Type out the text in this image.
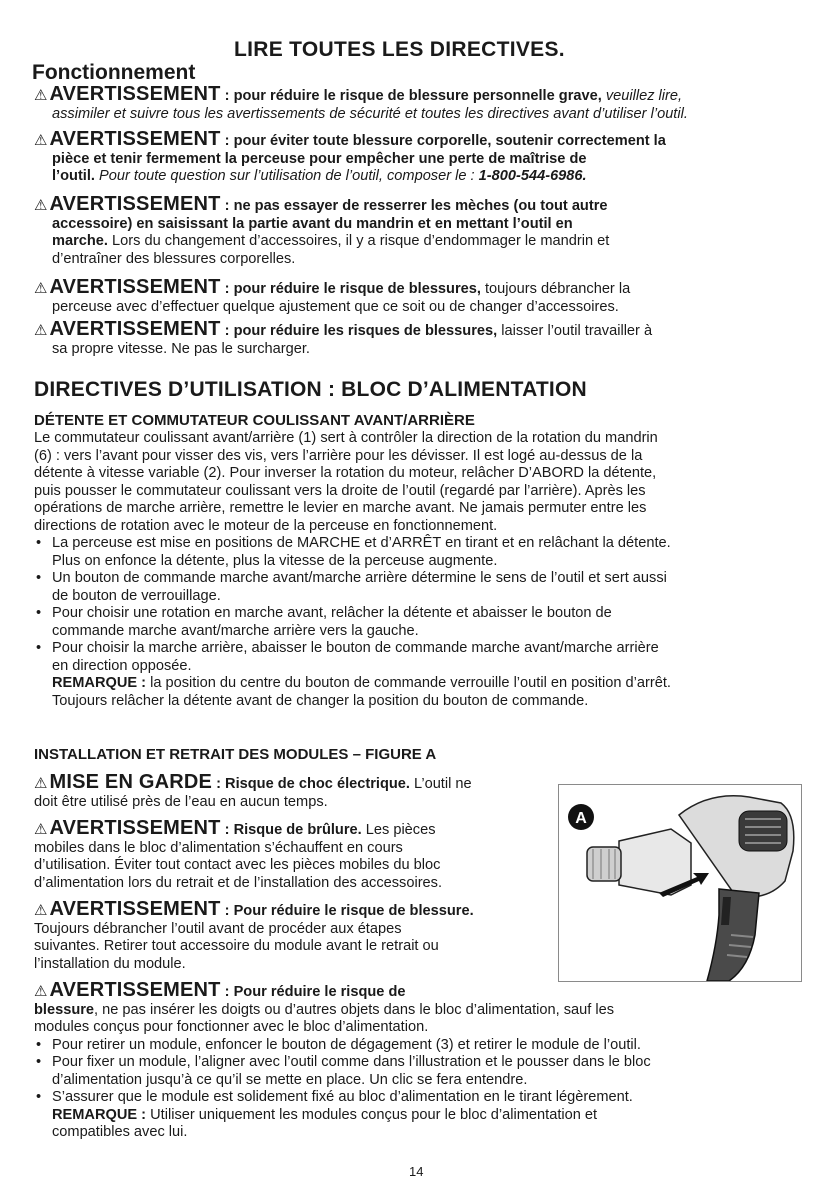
LIRE TOUTES LES DIRECTIVES.
Fonctionnement
⚠ AVERTISSEMENT : pour réduire le risque de blessure personnelle grave, veuillez lire,
assimiler et suivre tous les avertissements de sécurité et toutes les directives avant d’utiliser l’outil.
⚠ AVERTISSEMENT : pour éviter toute blessure corporelle, soutenir correctement la
pièce et tenir fermement la perceuse pour empêcher une perte de maîtrise de
l’outil. Pour toute question sur l’utilisation de l’outil, composer le : 1-800-544-6986.
⚠ AVERTISSEMENT : ne pas essayer de resserrer les mèches (ou tout autre
accessoire) en saisissant la partie avant du mandrin et en mettant l’outil en
marche. Lors du changement d’accessoires, il y a risque d’endommager le mandrin et
d’entraîner des blessures corporelles.
⚠ AVERTISSEMENT : pour réduire le risque de blessures, toujours débrancher la
perceuse avec d’effectuer quelque ajustement que ce soit ou de changer d’accessoires.
⚠ AVERTISSEMENT : pour réduire les risques de blessures, laisser l’outil travailler à
sa propre vitesse. Ne pas le surcharger.
DIRECTIVES D’UTILISATION : BLOC D’ALIMENTATION
DÉTENTE ET COMMUTATEUR COULISSANT AVANT/ARRIÈRE
Le commutateur coulissant avant/arrière (1) sert à contrôler la direction de la rotation du mandrin
(6) : vers l’avant pour visser des vis, vers l’arrière pour les dévisser. Il est logé au-dessus de la
détente à vitesse variable (2). Pour inverser la rotation du moteur, relâcher D’ABORD la détente,
puis pousser le commutateur coulissant vers la droite de l’outil (regardé par l’arrière). Après les
opérations de marche arrière, remettre le levier en marche avant. Ne jamais permuter entre les
directions de rotation avec le moteur de la perceuse en fonctionnement.
• La perceuse est mise en positions de MARCHE et d’ARRÊT en tirant et en relâchant la détente.
Plus on enfonce la détente, plus la vitesse de la perceuse augmente.
• Un bouton de commande marche avant/marche arrière détermine le sens de l’outil et sert aussi
de bouton de verrouillage.
• Pour choisir une rotation en marche avant, relâcher la détente et abaisser le bouton de
commande marche avant/marche arrière vers la gauche.
• Pour choisir la marche arrière, abaisser le bouton de commande marche avant/marche arrière
en direction opposée.
REMARQUE : la position du centre du bouton de commande verrouille l’outil en position d’arrêt.
Toujours relâcher la détente avant de changer la position du bouton de commande.
INSTALLATION ET RETRAIT DES MODULES – FIGURE A
A
⚠ MISE EN GARDE : Risque de choc électrique. L’outil ne
doit être utilisé près de l’eau en aucun temps.
⚠ AVERTISSEMENT : Risque de brûlure. Les pièces
mobiles dans le bloc d’alimentation s’échauffent en cours
d’utilisation. Éviter tout contact avec les pièces mobiles du bloc
d’alimentation lors du retrait et de l’installation des accessoires.
⚠ AVERTISSEMENT : Pour réduire le risque de blessure.
Toujours débrancher l’outil avant de procéder aux étapes
suivantes. Retirer tout accessoire du module avant le retrait ou
l’installation du module.
⚠ AVERTISSEMENT : Pour réduire le risque de
blessure, ne pas insérer les doigts ou d’autres objets dans le bloc d’alimentation, sauf les
modules conçus pour fonctionner avec le bloc d’alimentation.
• Pour retirer un module, enfoncer le bouton de dégagement (3) et retirer le module de l’outil.
• Pour fixer un module, l’aligner avec l’outil comme dans l’illustration et le pousser dans le bloc
d’alimentation jusqu’à ce qu’il se mette en place. Un clic se fera entendre.
• S’assurer que le module est solidement fixé au bloc d’alimentation en le tirant légèrement.
REMARQUE : Utiliser uniquement les modules conçus pour le bloc d’alimentation et
compatibles avec lui.
14
